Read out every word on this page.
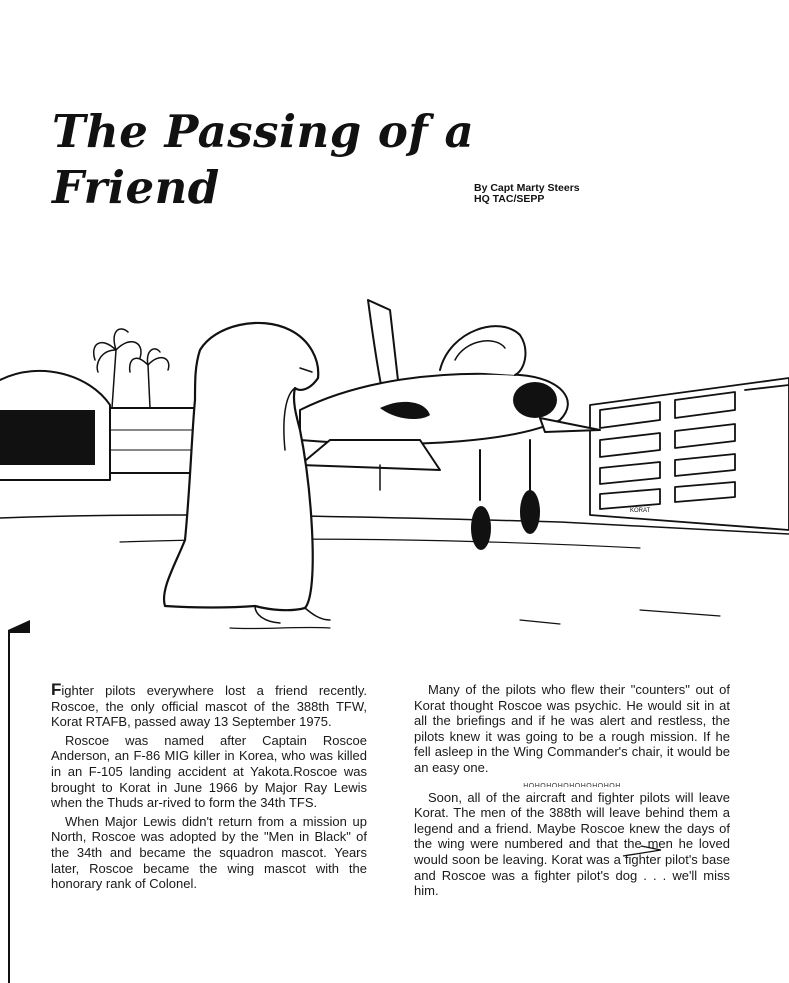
The Passing of a Friend	By Capt Marty Steers
HQ TAC/SEPP
KORAT

Fighter pilots everywhere lost a friend recently. Roscoe, the only official mascot of the 388th TFW, Korat RTAFB, passed away 13 September 1975.

Roscoe was named after Captain Roscoe Anderson, an F-86 MIG killer in Korea, who was killed in an F-105 landing accident at Yakota.Roscoe was brought to Korat in June 1966 by Major Ray Lewis when the Thuds ar-rived to form the 34th TFS.

When Major Lewis didn't return from a mission up North, Roscoe was adopted by the "Men in Black" of the 34th and became the squadron mascot. Years later, Roscoe became the wing mascot with the honorary rank of Colonel.

Many of the pilots who flew their "counters" out of Korat thought Roscoe was psychic. He would sit in at all the briefings and if he was alert and restless, the pilots knew it was going to be a rough mission. If he fell asleep in the Wing Commander's chair, it would be an easy one.

HOHOHOHOHOHOHOHOH

Soon, all of the aircraft and fighter pilots will leave Korat. The men of the 388th will leave behind them a legend and a friend. Maybe Roscoe knew the days of the wing were numbered and that the men he loved would soon be leaving. Korat was a fighter pilot's base and Roscoe was a fighter pilot's dog . . . we'll miss him.
